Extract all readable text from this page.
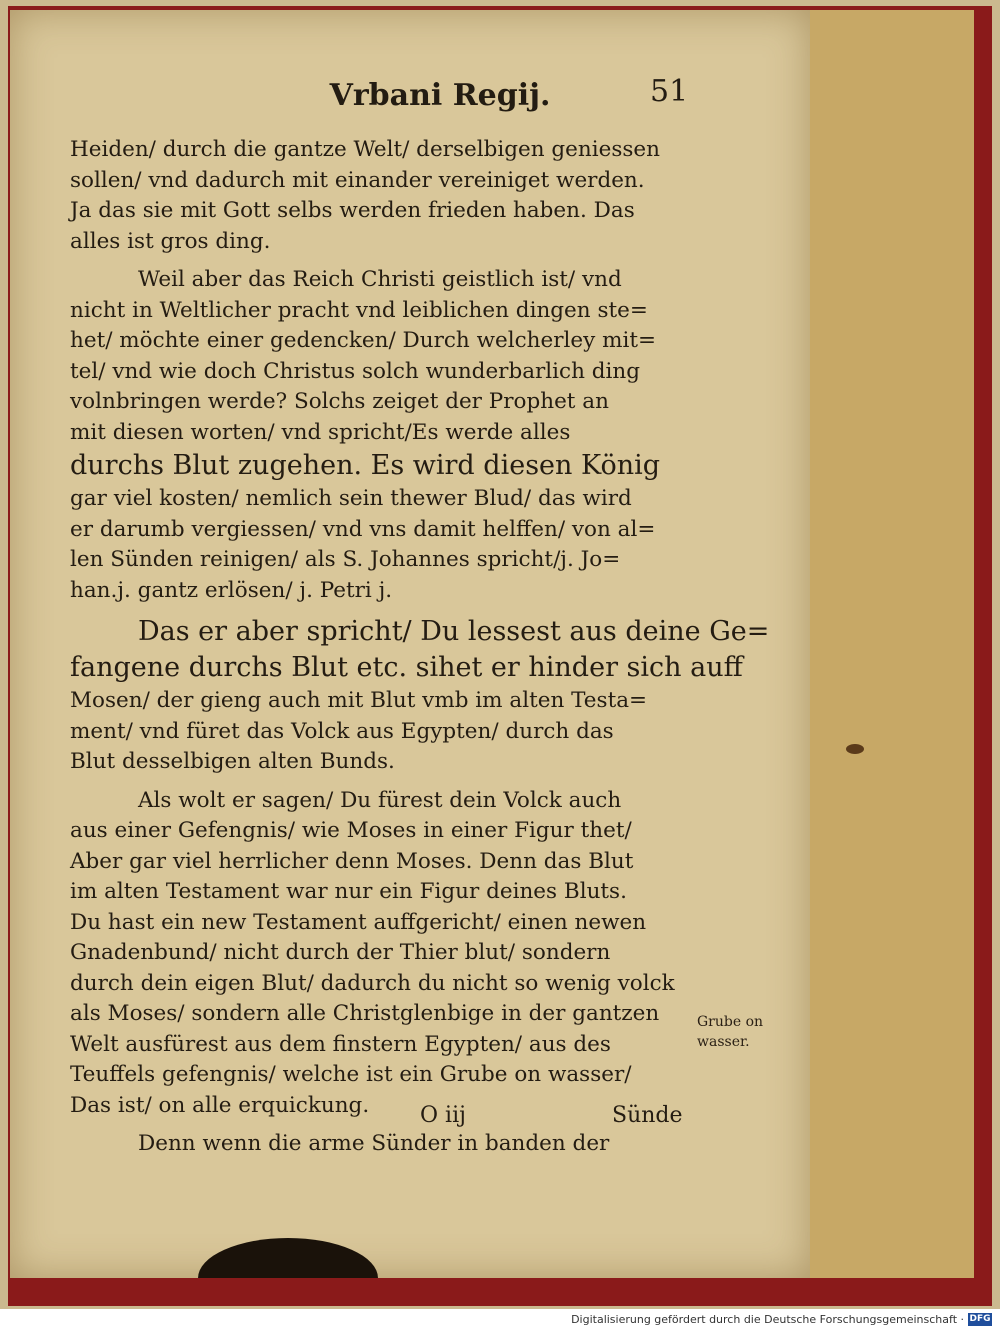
Vrbani Regij.	51
Heiden/ durch die gantze Welt/ derselbigen geniessen
sollen/ vnd dadurch mit einander vereiniget werden.
Ja das sie mit Gott selbs werden frieden haben. Das
alles ist gros ding.
Weil aber das Reich Christi geistlich ist/ vnd
nicht in Weltlicher pracht vnd leiblichen dingen ste=
het/ möchte einer gedencken/ Durch welcherley mit=
tel/ vnd wie doch Christus solch wunderbarlich ding
volnbringen werde? Solchs zeiget der Prophet an
mit diesen worten/ vnd spricht/Es werde alles
durchs Blut zugehen. Es wird diesen König
gar viel kosten/ nemlich sein thewer Blud/ das wird
er darumb vergiessen/ vnd vns damit helffen/ von al=
len Sünden reinigen/ als S. Johannes spricht/j. Jo=
han.j. gantz erlösen/ j. Petri j.
Das er aber spricht/ Du lessest aus deine Ge=
fangene durchs Blut etc. sihet er hinder sich auff
Mosen/ der gieng auch mit Blut vmb im alten Testa=
ment/ vnd füret das Volck aus Egypten/ durch das
Blut desselbigen alten Bunds.
Als wolt er sagen/ Du fürest dein Volck auch
aus einer Gefengnis/ wie Moses in einer Figur thet/
Aber gar viel herrlicher denn Moses. Denn das Blut
im alten Testament war nur ein Figur deines Bluts.
Du hast ein new Testament auffgericht/ einen newen
Gnadenbund/ nicht durch der Thier blut/ sondern
durch dein eigen Blut/ dadurch du nicht so wenig volck
als Moses/ sondern alle Christglenbige in der gantzen
Welt ausfürest aus dem finstern Egypten/ aus des
Teuffels gefengnis/ welche ist ein Grube on wasser/
Das ist/ on alle erquickung.
Denn wenn die arme Sünder in banden der
Grube on
wasser.
O iij	Sünde
Digitalisierung gefördert durch die Deutsche Forschungsgemeinschaft · DFG
